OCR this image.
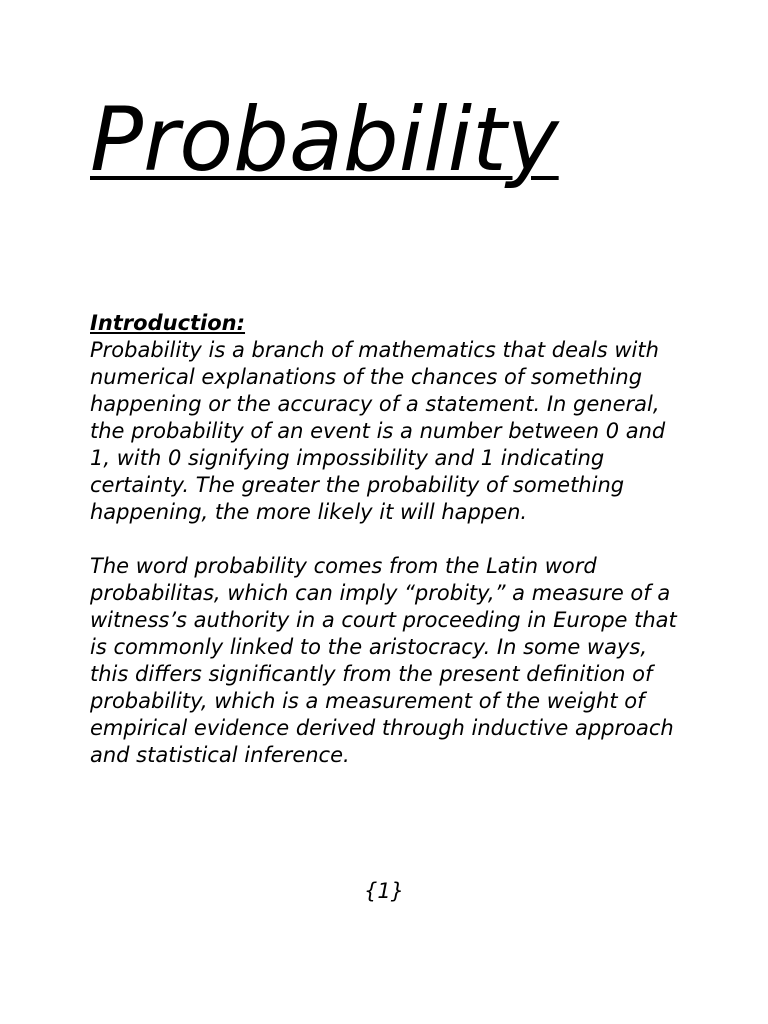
Probability
Introduction:

Probability is a branch of mathematics that deals with numerical explanations of the chances of something happening or the accuracy of a statement. In general, the probability of an event is a number between 0 and 1, with 0 signifying impossibility and 1 indicating certainty. The greater the probability of something happening, the more likely it will happen.

The word probability comes from the Latin word probabilitas, which can imply “probity,” a measure of a witness’s authority in a court proceeding in Europe that is commonly linked to the aristocracy. In some ways, this differs significantly from the present definition of probability, which is a measurement of the weight of empirical evidence derived through inductive approach and statistical inference.

{1}
